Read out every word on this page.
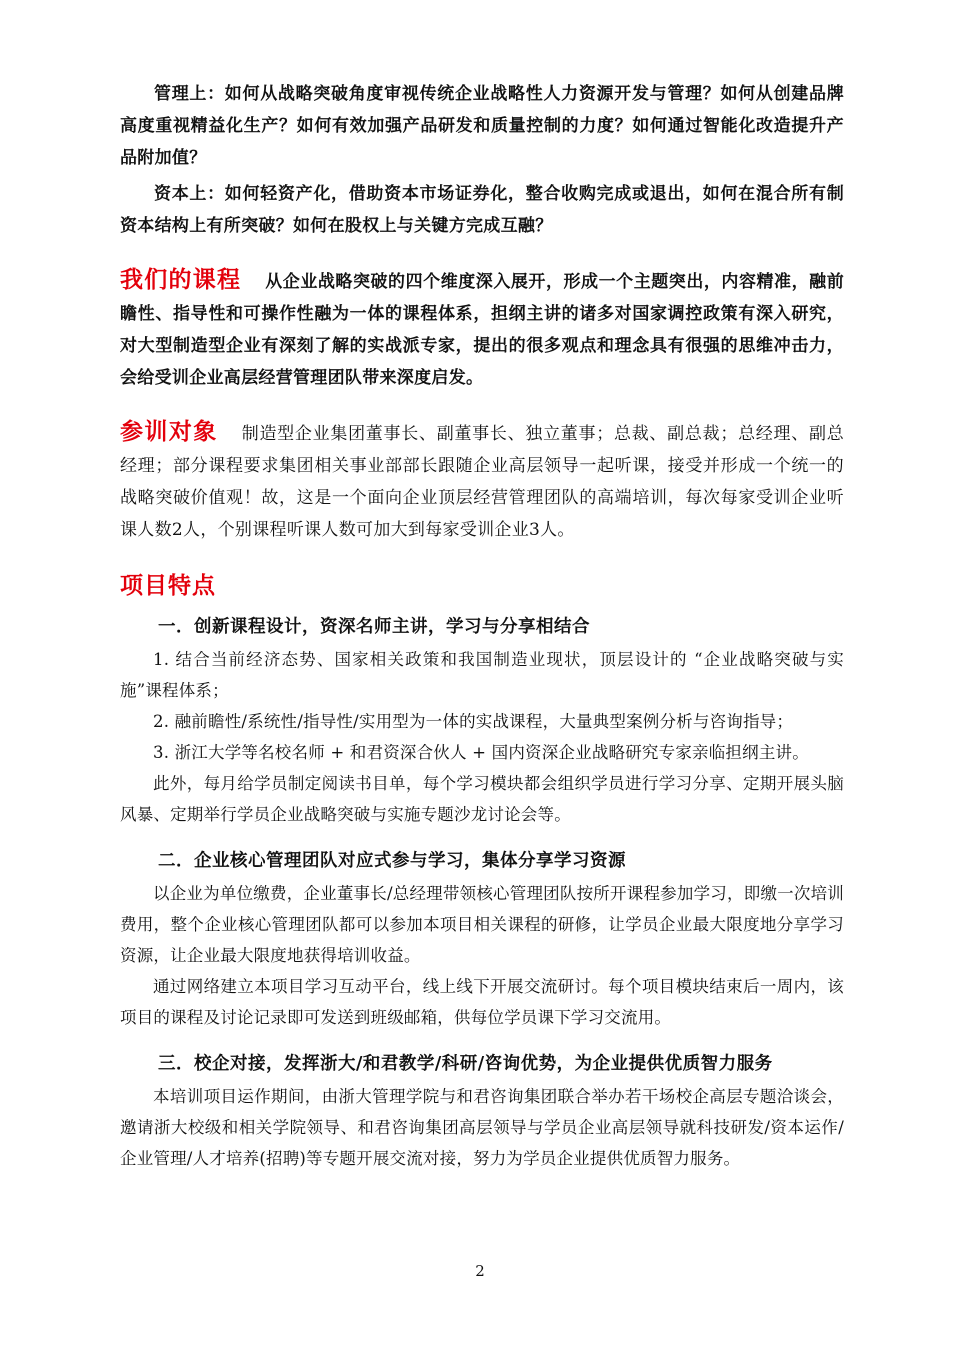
管理上：如何从战略突破角度审视传统企业战略性人力资源开发与管理？如何从创建品牌高度重视精益化生产？如何有效加强产品研发和质量控制的力度？如何通过智能化改造提升产品附加值？

资本上：如何轻资产化，借助资本市场证券化，整合收购完成或退出，如何在混合所有制资本结构上有所突破？如何在股权上与关键方完成互融？

我们的课程 从企业战略突破的四个维度深入展开，形成一个主题突出，内容精准，融前瞻性、指导性和可操作性融为一体的课程体系，担纲主讲的诸多对国家调控政策有深入研究，对大型制造型企业有深刻了解的实战派专家，提出的很多观点和理念具有很强的思维冲击力，会给受训企业高层经营管理团队带来深度启发。

参训对象 制造型企业集团董事长、副董事长、独立董事；总裁、副总裁；总经理、副总经理；部分课程要求集团相关事业部部长跟随企业高层领导一起听课，接受并形成一个统一的战略突破价值观！故，这是一个面向企业顶层经营管理团队的高端培训，每次每家受训企业听课人数2人，个别课程听课人数可加大到每家受训企业3人。

项目特点
一．创新课程设计，资深名师主讲，学习与分享相结合

1. 结合当前经济态势、国家相关政策和我国制造业现状，顶层设计的 “企业战略突破与实施”课程体系；

2. 融前瞻性/系统性/指导性/实用型为一体的实战课程，大量典型案例分析与咨询指导；

3. 浙江大学等名校名师 + 和君资深合伙人 + 国内资深企业战略研究专家亲临担纲主讲。

此外，每月给学员制定阅读书目单，每个学习模块都会组织学员进行学习分享、定期开展头脑风暴、定期举行学员企业战略突破与实施专题沙龙讨论会等。

二．企业核心管理团队对应式参与学习，集体分享学习资源

以企业为单位缴费，企业董事长/总经理带领核心管理团队按所开课程参加学习，即缴一次培训费用，整个企业核心管理团队都可以参加本项目相关课程的研修，让学员企业最大限度地分享学习资源，让企业最大限度地获得培训收益。

通过网络建立本项目学习互动平台，线上线下开展交流研讨。每个项目模块结束后一周内，该项目的课程及讨论记录即可发送到班级邮箱，供每位学员课下学习交流用。

三．校企对接，发挥浙大/和君教学/科研/咨询优势，为企业提供优质智力服务

本培训项目运作期间，由浙大管理学院与和君咨询集团联合举办若干场校企高层专题洽谈会，邀请浙大校级和相关学院领导、和君咨询集团高层领导与学员企业高层领导就科技研发/资本运作/企业管理/人才培养(招聘)等专题开展交流对接，努力为学员企业提供优质智力服务。

2
